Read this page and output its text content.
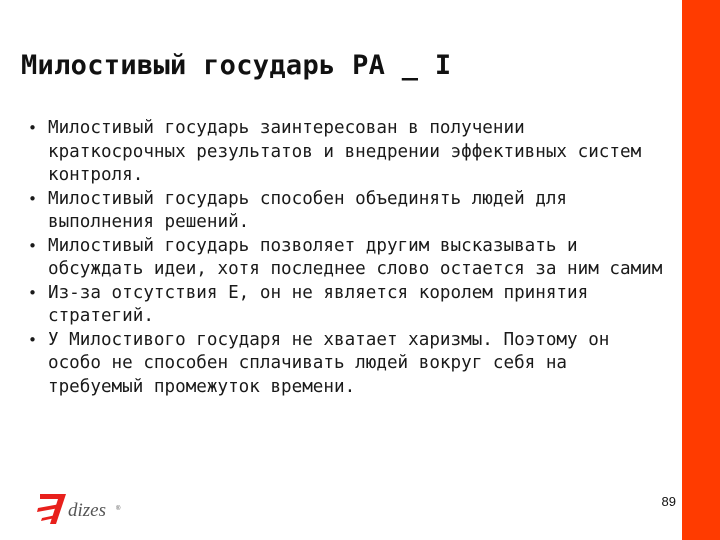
Милостивый государь PA _ I
• Милостивый государь заинтересован в получении краткосрочных результатов и внедрении эффективных систем контроля.
• Милостивый государь способен объединять людей для выполнения решений.
• Милостивый государь позволяет другим высказывать и обсуждать идеи, хотя последнее слово остается за ним самим
• Из-за отсутствия E, он не является королем принятия стратегий.
• У Милостивого государя не хватает харизмы. Поэтому он особо не способен сплачивать людей вокруг себя на требуемый промежуток времени.
dizes ®	89
